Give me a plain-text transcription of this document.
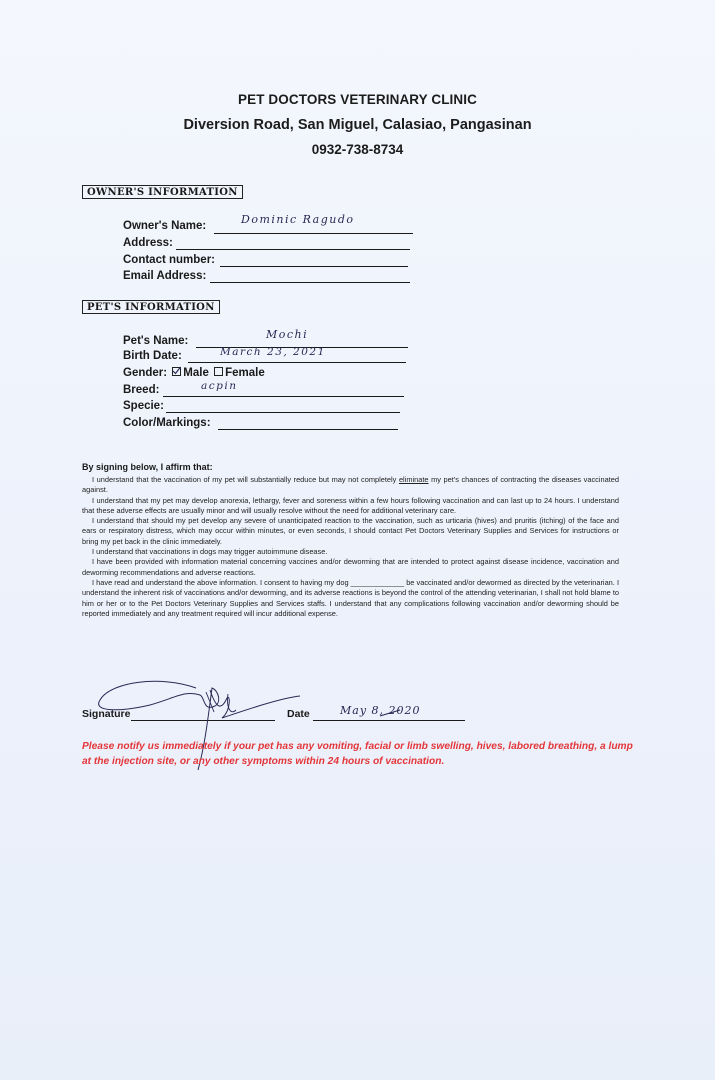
PET DOCTORS VETERINARY CLINIC
Diversion Road, San Miguel, Calasiao, Pangasinan
0932-738-8734
OWNER'S INFORMATION
Owner's Name:	Dominic Ragudo
Address:
Contact number:
Email Address:
PET'S INFORMATION
Pet's Name:	Mochi
Birth Date:	March 23, 2021
Gender: Male Female
Breed:	acpin
Specie:
Color/Markings:
By signing below, I affirm that:

I understand that the vaccination of my pet will substantially reduce but may not completely eliminate my pet's chances of contracting the diseases vaccinated against.

I understand that my pet may develop anorexia, lethargy, fever and soreness within a few hours following vaccination and can last up to 24 hours. I understand that these adverse effects are usually minor and will usually resolve without the need for additional veterinary care.

I understand that should my pet develop any severe of unanticipated reaction to the vaccination, such as urticaria (hives) and pruritis (itching) of the face and ears or respiratory distress, which may occur within minutes, or even seconds, I should contact Pet Doctors Veterinary Supplies and Services for instructions or bring my pet back in the clinic immediately.

I understand that vaccinations in dogs may trigger autoimmune disease.

I have been provided with information material concerning vaccines and/or deworming that are intended to protect against disease incidence, vaccination and deworming recommendations and adverse reactions.

I have read and understand the above information. I consent to having my dog _____________ be vaccinated and/or dewormed as directed by the veterinarian. I understand the inherent risk of vaccinations and/or deworming, and its adverse reactions is beyond the control of the attending veterinarian, I shall not hold blame to him or her or to the Pet Doctors Veterinary Supplies and Services staffs. I understand that any complications following vaccination and/or deworming should be reported immediately and any treatment required will incur additional expense.

Signature	Date	May 8, 2020
Please notify us immediately if your pet has any vomiting, facial or limb swelling, hives, labored breathing, a lump at the injection site, or any other symptoms within 24 hours of vaccination.
